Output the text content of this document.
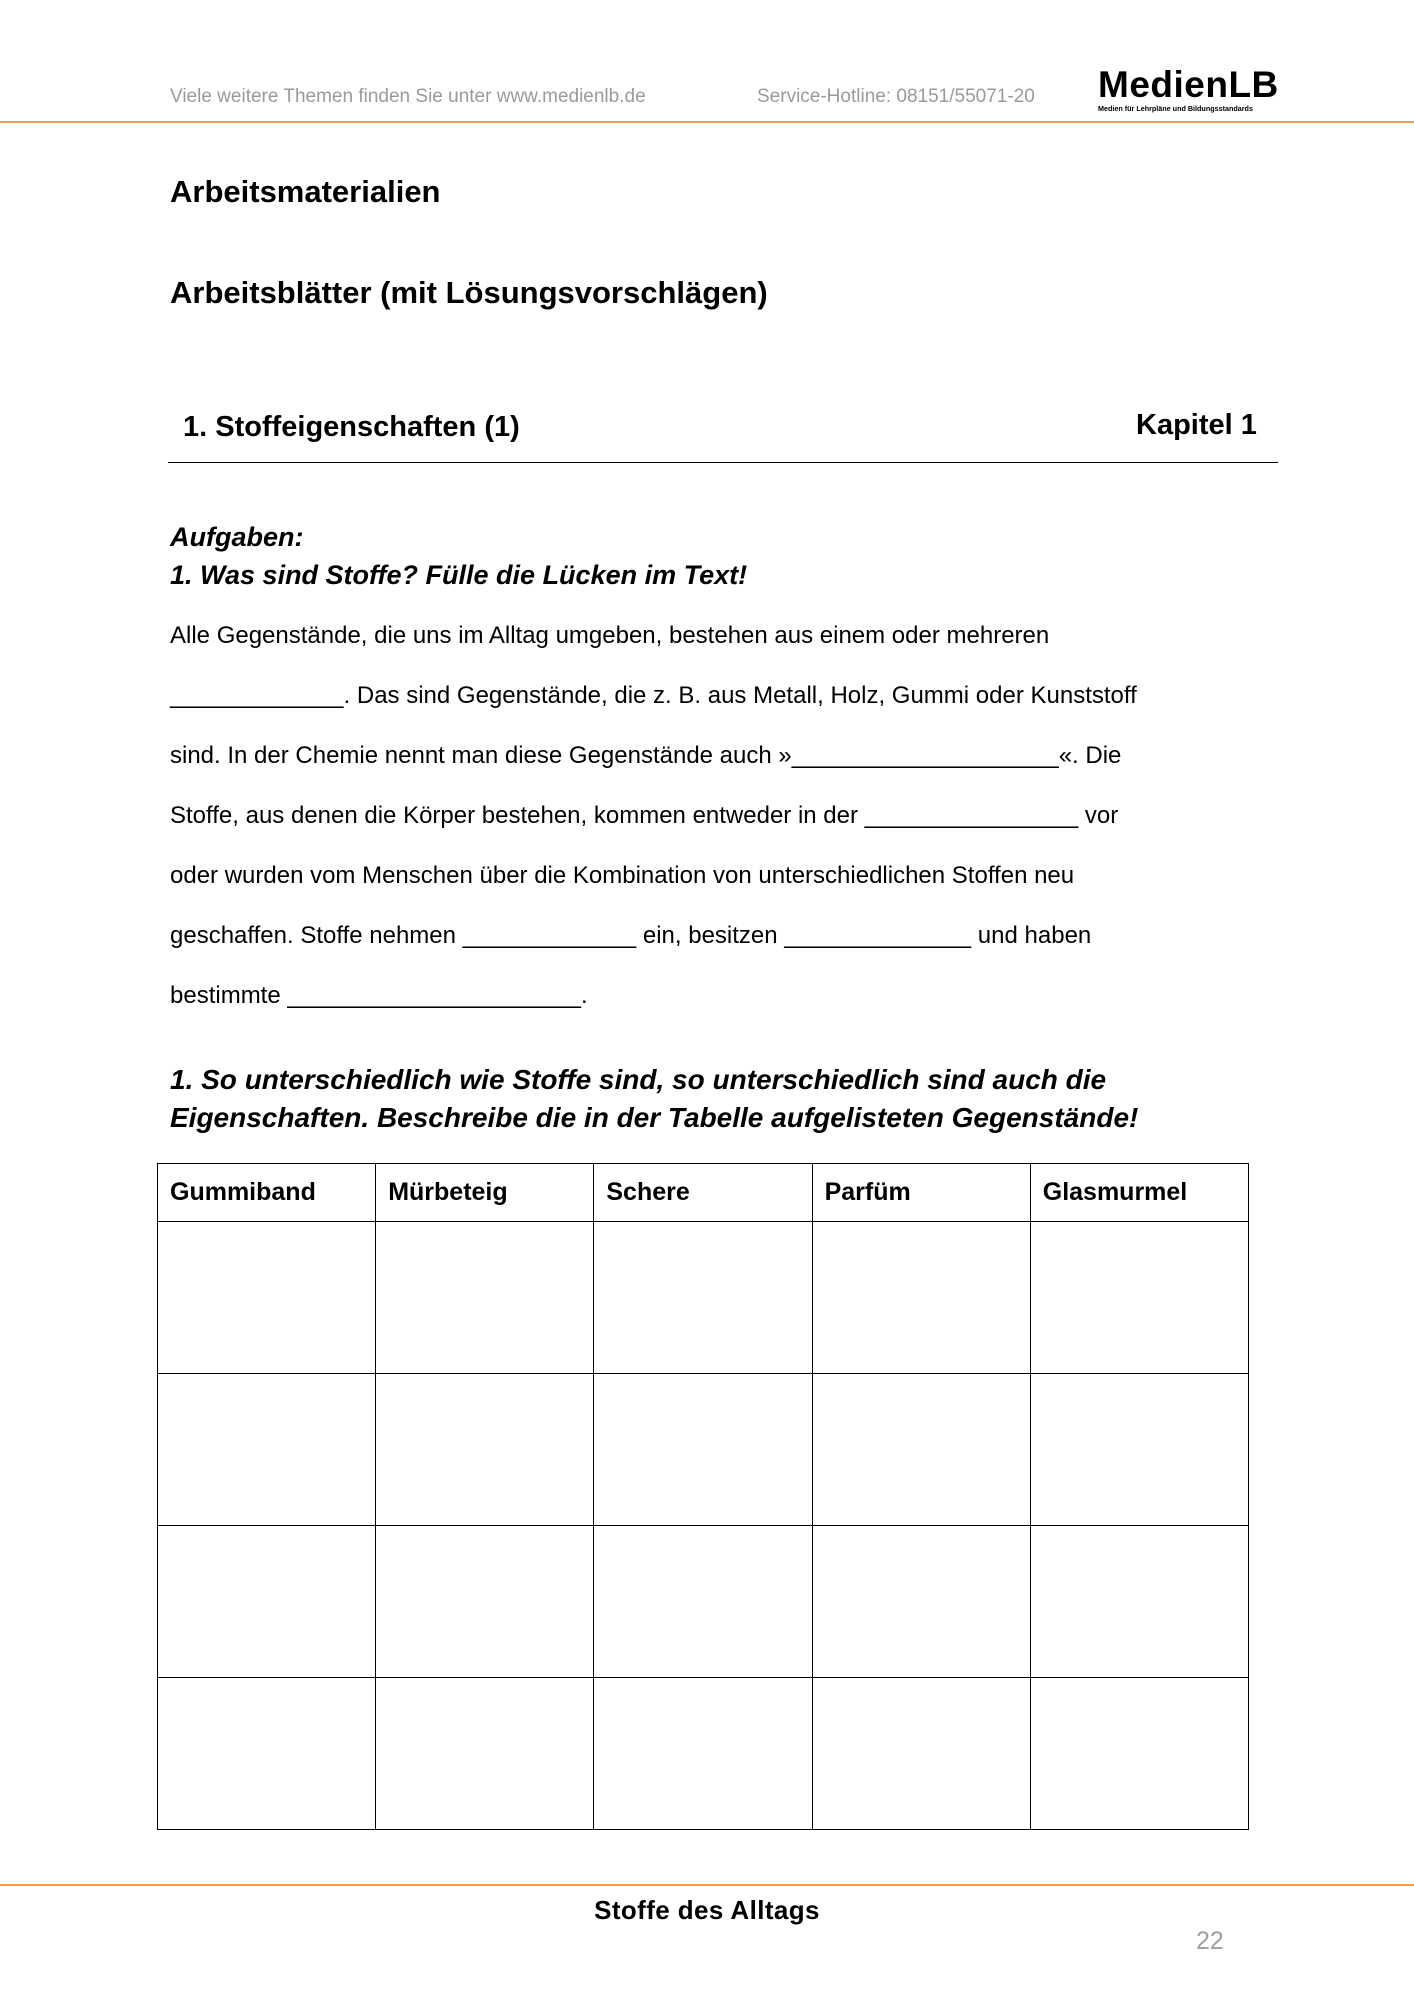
Viele weitere Themen finden Sie unter www.medienlb.de	Service-Hotline: 08151/55071-20 MedienLB
Medien für Lehrpläne und Bildungsstandards
Arbeitsmaterialien
Arbeitsblätter (mit Lösungsvorschlägen)
1. Stoffeigenschaften (1)	Kapitel 1
Aufgaben:
1. Was sind Stoffe? Fülle die Lücken im Text!

Alle Gegenstände, die uns im Alltag umgeben, bestehen aus einem oder mehreren

_____________. Das sind Gegenstände, die z. B. aus Metall, Holz, Gummi oder Kunststoff

sind. In der Chemie nennt man diese Gegenstände auch »____________________«. Die

Stoffe, aus denen die Körper bestehen, kommen entweder in der ________________ vor

oder wurden vom Menschen über die Kombination von unterschiedlichen Stoffen neu

geschaffen. Stoffe nehmen _____________ ein, besitzen ______________ und haben

bestimmte ______________________.

1. So unterschiedlich wie Stoffe sind, so unterschiedlich sind auch die
Eigenschaften. Beschreibe die in der Tabelle aufgelisteten Gegenstände!
Gummiband	Mürbeteig	Schere	Parfüm	Glasmurmel

Stoffe des Alltags
22
